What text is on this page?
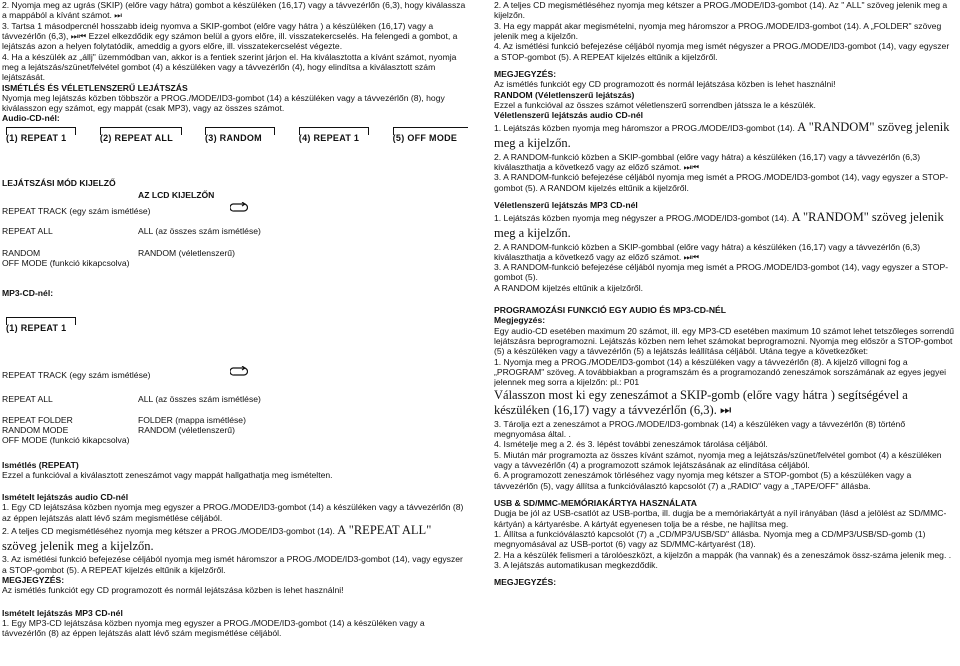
2. Nyomja meg az ugrás (SKIP) (előre vagy hátra) gombot a készüléken (16,17) vagy a távvezérlőn (6,3), hogy kiválassza a mappából a kívánt számot. ⏭

3. Tartsa 1 másodpercnél hosszabb ideig nyomva a SKIP-gombot (előre vagy hátra ) a készüléken (16,17) vagy a távvezérlőn (6,3), ⏭⏮ Ezzel elkezdődik egy számon belül a gyors előre, ill. visszatekercselés. Ha felengedi a gombot, a lejátszás azon a helyen folytatódik, ameddig a gyors előre, ill. visszatekercselést végezte.

4. Ha a készülék az „állj" üzemmódban van, akkor is a fentiek szerint járjon el. Ha kiválasztotta a kívánt számot, nyomja meg a lejátszás/szünet/felvétel gombot (4) a készüléken vagy a távvezérlőn (4), hogy elindítsa a kiválasztott szám lejátszását.

ISMÉTLÉS ÉS VÉLETLENSZERŰ LEJÁTSZÁS

Nyomja meg lejátszás közben többször a PROG./MODE/ID3-gombot (14) a készüléken vagy a távvezérlőn (8), hogy kiválasszon egy számot, egy mappát (csak MP3), vagy az összes számot.

Audio-CD-nél:

(1) REPEAT 1	(2) REPEAT ALL	(3) RANDOM	(4) REPEAT 1	(5) OFF MODE

LEJÁTSZÁSI MÓD KIJELZŐ

AZ LCD KIJELZŐN

REPEAT TRACK (egy szám ismétlése)

REPEAT ALL	ALL (az összes szám ismétlése)

RANDOM	RANDOM (véletlenszerű)

OFF MODE (funkció kikapcsolva)

MP3-CD-nél:

(1) REPEAT 1

REPEAT TRACK (egy szám ismétlése)

REPEAT ALL	ALL (az összes szám ismétlése)

REPEAT FOLDER	FOLDER (mappa ismétlése)

RANDOM MODE	RANDOM (véletlenszerű)

OFF MODE (funkció kikapcsolva)

Ismétlés (REPEAT)

Ezzel a funkcióval a kiválasztott zeneszámot vagy mappát hallgathatja meg ismételten.

Ismételt lejátszás audio CD-nél

1. Egy CD lejátszása közben nyomja meg egyszer a PROG./MODE/ID3-gombot (14) a készüléken vagy a távvezérlőn (8) az éppen lejátszás alatt lévő szám megismétlése céljából.

2. A teljes CD megismétléséhez nyomja meg kétszer a PROG./MODE/ID3-gombot (14). A "REPEAT ALL" szöveg jelenik meg a kijelzőn.

3. Az ismétlési funkció befejezése céljából nyomja meg ismét háromszor a PROG./MODE/ID3-gombot (14), vagy egyszer a STOP-gombot (5). A REPEAT kijelzés eltűnik a kijelzőről.

MEGJEGYZÉS:

Az ismétlés funkciót egy CD programozott és normál lejátszása közben is lehet használni!

Ismételt lejátszás MP3 CD-nél

1. Egy MP3-CD lejátszása közben nyomja meg egyszer a PROG./MODE/ID3-gombot (14) a készüléken vagy a távvezérlőn (8) az éppen lejátszás alatt lévő szám megismétlése céljából.

2. A teljes CD megismétléséhez nyomja meg kétszer a PROG./MODE/ID3-gombot (14). Az " ALL" szöveg jelenik meg a kijelzőn.

3. Ha egy mappát akar megismételni, nyomja meg háromszor a PROG./MODE/ID3-gombot (14). A „FOLDER" szöveg jelenik meg a kijelzőn.

4. Az ismétlési funkció befejezése céljából nyomja meg ismét négyszer a PROG./MODE/ID3-gombot (14), vagy egyszer a STOP-gombot (5). A REPEAT kijelzés eltűnik a kijelzőről.

MEGJEGYZÉS:

Az ismétlés funkciót egy CD programozott és normál lejátszása közben is lehet használni!

RANDOM (Véletlenszerű lejátszás)

Ezzel a funkcióval az összes számot véletlenszerű sorrendben játssza le a készülék.

Véletlenszerű lejátszás audio CD-nél

1. Lejátszás közben nyomja meg háromszor a PROG./MODE/ID3-gombot (14). A "RANDOM" szöveg jelenik meg a kijelzőn.

2. A RANDOM-funkció közben a SKIP-gombbal (előre vagy hátra) a készüléken (16,17) vagy a távvezérlőn (6,3) kiválaszthatja a következő vagy az előző számot. ⏭⏮

3. A RANDOM-funkció befejezése céljából nyomja meg ismét a PROG./MODE/ID3-gombot (14), vagy egyszer a STOP-gombot (5). A RANDOM kijelzés eltűnik a kijelzőről.

Véletlenszerű lejátszás MP3 CD-nél

1. Lejátszás közben nyomja meg négyszer a PROG./MODE/ID3-gombot (14). A "RANDOM" szöveg jelenik meg a kijelzőn.

2. A RANDOM-funkció közben a SKIP-gombbal (előre vagy hátra) a készüléken (16,17) vagy a távvezérlőn (6,3) kiválaszthatja a következő vagy az előző számot. ⏭⏮

3. A RANDOM-funkció befejezése céljából nyomja meg ismét a PROG./MODE/ID3-gombot (14), vagy egyszer a STOP-gombot (5).

A RANDOM kijelzés eltűnik a kijelzőről.

PROGRAMOZÁSI FUNKCIÓ EGY AUDIO ÉS MP3-CD-NÉL

Megjegyzés:

Egy audio-CD esetében maximum 20 számot, ill. egy MP3-CD esetében maximum 10 számot lehet tetszőleges sorrendű lejátszásra beprogramozni. Lejátszás közben nem lehet számokat beprogramozni. Nyomja meg először a STOP-gombot (5) a készüléken vagy a távvezérlőn (5) a lejátszás leállítása céljából. Utána tegye a következőket:

1. Nyomja meg a PROG./MODE/ID3-gombot (14) a készüléken vagy a távvezérlőn (8). A kijelző villogni fog a „PROGRAM" szöveg. A továbbiakban a programszám és a programozandó zeneszámok sorszámának az egyes jegyei jelennek meg sorra a kijelzőn: pl.: P01

Válasszon most ki egy zeneszámot a SKIP-gomb (előre vagy hátra ) segítségével a készüléken (16,17) vagy a távvezérlőn (6,3). ⏭

3. Tárolja ezt a zeneszámot a PROG./MODE/ID3-gombnak (14) a készüléken vagy a távvezérlőn (8) történő megnyomása által. .

4. Ismételje meg a 2. és 3. lépést további zeneszámok tárolása céljából.

5. Miután már programozta az összes kívánt számot, nyomja meg a lejátszás/szünet/felvétel gombot (4) a készüléken vagy a távvezérlőn (4) a programozott számok lejátszásának az elindítása céljából.

6. A programozott zeneszámok törléséhez vagy nyomja meg kétszer a STOP-gombot (5) a készüléken vagy a távvezérlőn (5), vagy állítsa a funkcióválasztó kapcsolót (7) a „RADIO" vagy a „TAPE/OFF" állásba.

USB & SD/MMC-MEMÓRIAKÁRTYA HASZNÁLATA

Dugja be jól az USB-csatlót az USB-portba, ill. dugja be a memóriakártyát a nyíl irányában (lásd a jelölést az SD/MMC-kártyán) a kártyarésbe. A kártyát egyenesen tolja be a résbe, ne hajlítsa meg.

1. Állítsa a funkcióválasztó kapcsolót (7) a „CD/MP3/USB/SD" állásba. Nyomja meg a CD/MP3/USB/SD-gomb (1) megnyomásával az USB-portot (6) vagy az SD/MMC-kártyarést (18).

2. Ha a készülék felismeri a tárolóeszközt, a kijelzőn a mappák (ha vannak) és a zeneszámok össz-száma jelenik meg. . 3. A lejátszás automatikusan megkezdődik.

MEGJEGYZÉS:
